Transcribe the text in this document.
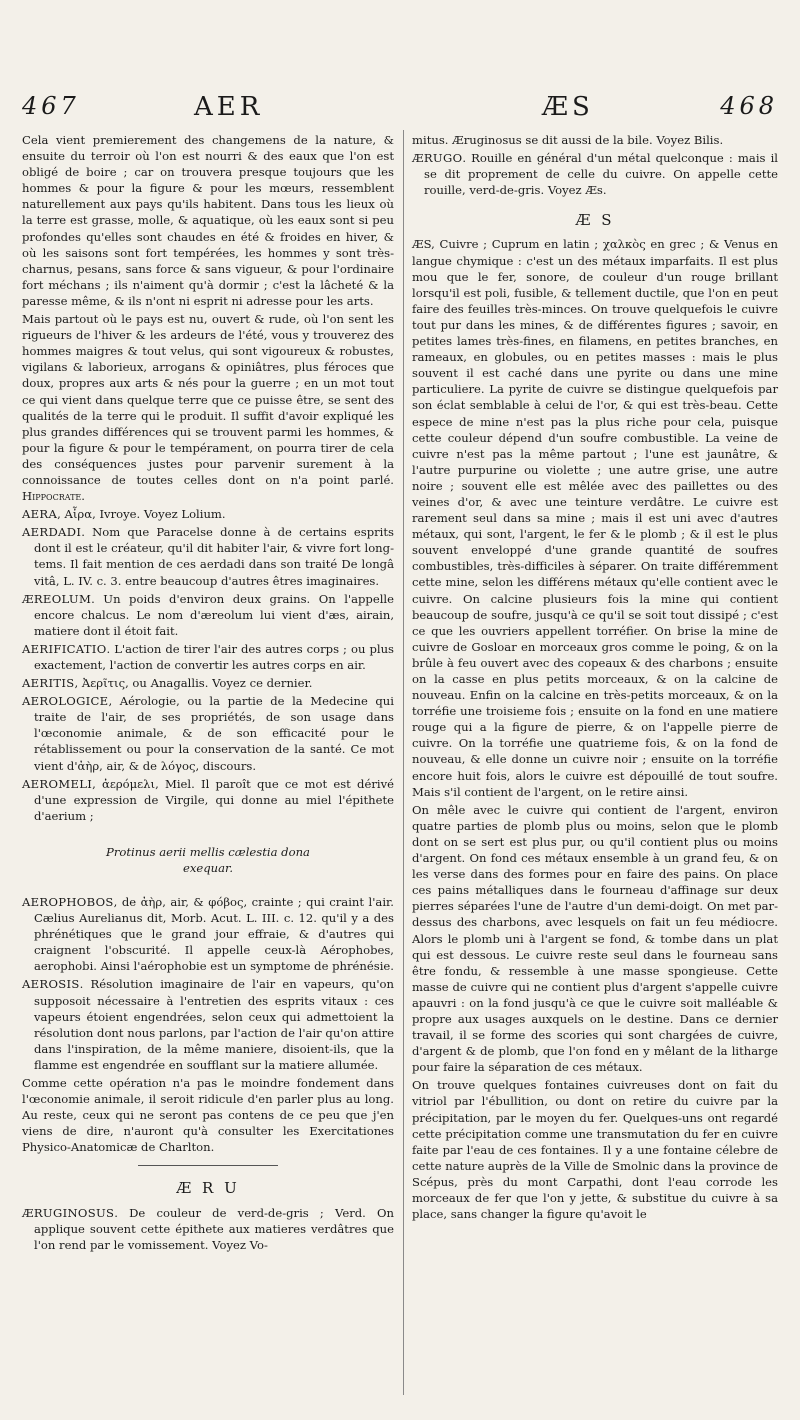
467	AER	ÆS	468

Cela vient premierement des changemens de la nature, & ensuite du terroir où l'on est nourri & des eaux que l'on est obligé de boire ; car on trouvera presque toujours que les hommes & pour la figure & pour les mœurs, ressemblent naturellement aux pays qu'ils habitent. Dans tous les lieux où la terre est grasse, molle, & aquatique, où les eaux sont si peu profondes qu'elles sont chaudes en été & froides en hiver, & où les saisons sont fort tempérées, les hommes y sont très-charnus, pesans, sans force & sans vigueur, & pour l'ordinaire fort méchans ; ils n'aiment qu'à dormir ; c'est la lâcheté & la paresse même, & ils n'ont ni esprit ni adresse pour les arts.

Mais partout où le pays est nu, ouvert & rude, où l'on sent les rigueurs de l'hiver & les ardeurs de l'été, vous y trouverez des hommes maigres & tout velus, qui sont vigoureux & robustes, vigilans & laborieux, arrogans & opiniâtres, plus féroces que doux, propres aux arts & nés pour la guerre ; en un mot tout ce qui vient dans quelque terre que ce puisse être, se sent des qualités de la terre qui le produit. Il suffit d'avoir expliqué les plus grandes différences qui se trouvent parmi les hommes, & pour la figure & pour le tempérament, on pourra tirer de cela des conséquences justes pour parvenir surement à la connoissance de toutes celles dont on n'a point parlé. Hippocrate.

AERA, Αἶρα, Ivroye. Voyez Lolium.

AERDADI. Nom que Paracelse donne à de certains esprits dont il est le créateur, qu'il dit habiter l'air, & vivre fort long-tems. Il fait mention de ces aerdadi dans son traité De longâ vitâ, L. IV. c. 3. entre beaucoup d'autres êtres imaginaires.

ÆREOLUM. Un poids d'environ deux grains. On l'appelle encore chalcus. Le nom d'æreolum lui vient d'æs, airain, matiere dont il étoit fait.

AERIFICATIO. L'action de tirer l'air des autres corps ; ou plus exactement, l'action de convertir les autres corps en air.

AERITIS, Ἀερῖτις, ou Anagallis. Voyez ce dernier.

AEROLOGICE, Aérologie, ou la partie de la Medecine qui traite de l'air, de ses propriétés, de son usage dans l'œconomie animale, & de son efficacité pour le rétablissement ou pour la conservation de la santé. Ce mot vient d'ἀὴρ, air, & de λόγος, discours.

AEROMELI, ἀερόμελι, Miel. Il paroît que ce mot est dérivé d'une expression de Virgile, qui donne au miel l'épithete d'aerium ;

Protinus aerii mellis cælestia dona
exequar.

AEROPHOBOS, de ἀὴρ, air, & φόβος, crainte ; qui craint l'air. Cælius Aurelianus dit, Morb. Acut. L. III. c. 12. qu'il y a des phrénétiques que le grand jour effraie, & d'autres qui craignent l'obscurité. Il appelle ceux-là Aérophobes, aerophobi. Ainsi l'aérophobie est un symptome de phrénésie.

AEROSIS. Résolution imaginaire de l'air en vapeurs, qu'on supposoit nécessaire à l'entretien des esprits vitaux : ces vapeurs étoient engendrées, selon ceux qui admettoient la résolution dont nous parlons, par l'action de l'air qu'on attire dans l'inspiration, de la même maniere, disoient-ils, que la flamme est engendrée en soufflant sur la matiere allumée.

Comme cette opération n'a pas le moindre fondement dans l'œconomie animale, il seroit ridicule d'en parler plus au long. Au reste, ceux qui ne seront pas contens de ce peu que j'en viens de dire, n'auront qu'à consulter les Exercitationes Physico-Anatomicæ de Charlton.

Æ R U

ÆRUGINOSUS. De couleur de verd-de-gris ; Verd. On applique souvent cette épithete aux matieres verdâtres que l'on rend par le vomissement. Voyez Vo-

mitus. Æruginosus se dit aussi de la bile. Voyez Bilis.

ÆRUGO. Rouille en général d'un métal quelconque : mais il se dit proprement de celle du cuivre. On appelle cette rouille, verd-de-gris. Voyez Æs.

Æ S

ÆS, Cuivre ; Cuprum en latin ; χαλκὸς en grec ; & Venus en langue chymique : c'est un des métaux imparfaits. Il est plus mou que le fer, sonore, de couleur d'un rouge brillant lorsqu'il est poli, fusible, & tellement ductile, que l'on en peut faire des feuilles très-minces. On trouve quelquefois le cuivre tout pur dans les mines, & de différentes figures ; savoir, en petites lames très-fines, en filamens, en petites branches, en rameaux, en globules, ou en petites masses : mais le plus souvent il est caché dans une pyrite ou dans une mine particuliere. La pyrite de cuivre se distingue quelquefois par son éclat semblable à celui de l'or, & qui est très-beau. Cette espece de mine n'est pas la plus riche pour cela, puisque cette couleur dépend d'un soufre combustible. La veine de cuivre n'est pas la même partout ; l'une est jaunâtre, & l'autre purpurine ou violette ; une autre grise, une autre noire ; souvent elle est mêlée avec des paillettes ou des veines d'or, & avec une teinture verdâtre. Le cuivre est rarement seul dans sa mine ; mais il est uni avec d'autres métaux, qui sont, l'argent, le fer & le plomb ; & il est le plus souvent enveloppé d'une grande quantité de soufres combustibles, très-difficiles à séparer. On traite différemment cette mine, selon les différens métaux qu'elle contient avec le cuivre. On calcine plusieurs fois la mine qui contient beaucoup de soufre, jusqu'à ce qu'il se soit tout dissipé ; c'est ce que les ouvriers appellent torréfier. On brise la mine de cuivre de Gosloar en morceaux gros comme le poing, & on la brûle à feu ouvert avec des copeaux & des charbons ; ensuite on la casse en plus petits morceaux, & on la calcine de nouveau. Enfin on la calcine en très-petits morceaux, & on la torréfie une troisieme fois ; ensuite on la fond en une matiere rouge qui a la figure de pierre, & on l'appelle pierre de cuivre. On la torréfie une quatrieme fois, & on la fond de nouveau, & elle donne un cuivre noir ; ensuite on la torréfie encore huit fois, alors le cuivre est dépouillé de tout soufre. Mais s'il contient de l'argent, on le retire ainsi.

On mêle avec le cuivre qui contient de l'argent, environ quatre parties de plomb plus ou moins, selon que le plomb dont on se sert est plus pur, ou qu'il contient plus ou moins d'argent. On fond ces métaux ensemble à un grand feu, & on les verse dans des formes pour en faire des pains. On place ces pains métalliques dans le fourneau d'affinage sur deux pierres séparées l'une de l'autre d'un demi-doigt. On met par-dessus des charbons, avec lesquels on fait un feu médiocre. Alors le plomb uni à l'argent se fond, & tombe dans un plat qui est dessous. Le cuivre reste seul dans le fourneau sans être fondu, & ressemble à une masse spongieuse. Cette masse de cuivre qui ne contient plus d'argent s'appelle cuivre apauvri : on la fond jusqu'à ce que le cuivre soit malléable & propre aux usages auxquels on le destine. Dans ce dernier travail, il se forme des scories qui sont chargées de cuivre, d'argent & de plomb, que l'on fond en y mêlant de la litharge pour faire la séparation de ces métaux.

On trouve quelques fontaines cuivreuses dont on fait du vitriol par l'ébullition, ou dont on retire du cuivre par la précipitation, par le moyen du fer. Quelques-uns ont regardé cette précipitation comme une transmutation du fer en cuivre faite par l'eau de ces fontaines. Il y a une fontaine célebre de cette nature auprès de la Ville de Smolnic dans la province de Scépus, près du mont Carpathi, dont l'eau corrode les morceaux de fer que l'on y jette, & substitue du cuivre à sa place, sans changer la figure qu'avoit le
